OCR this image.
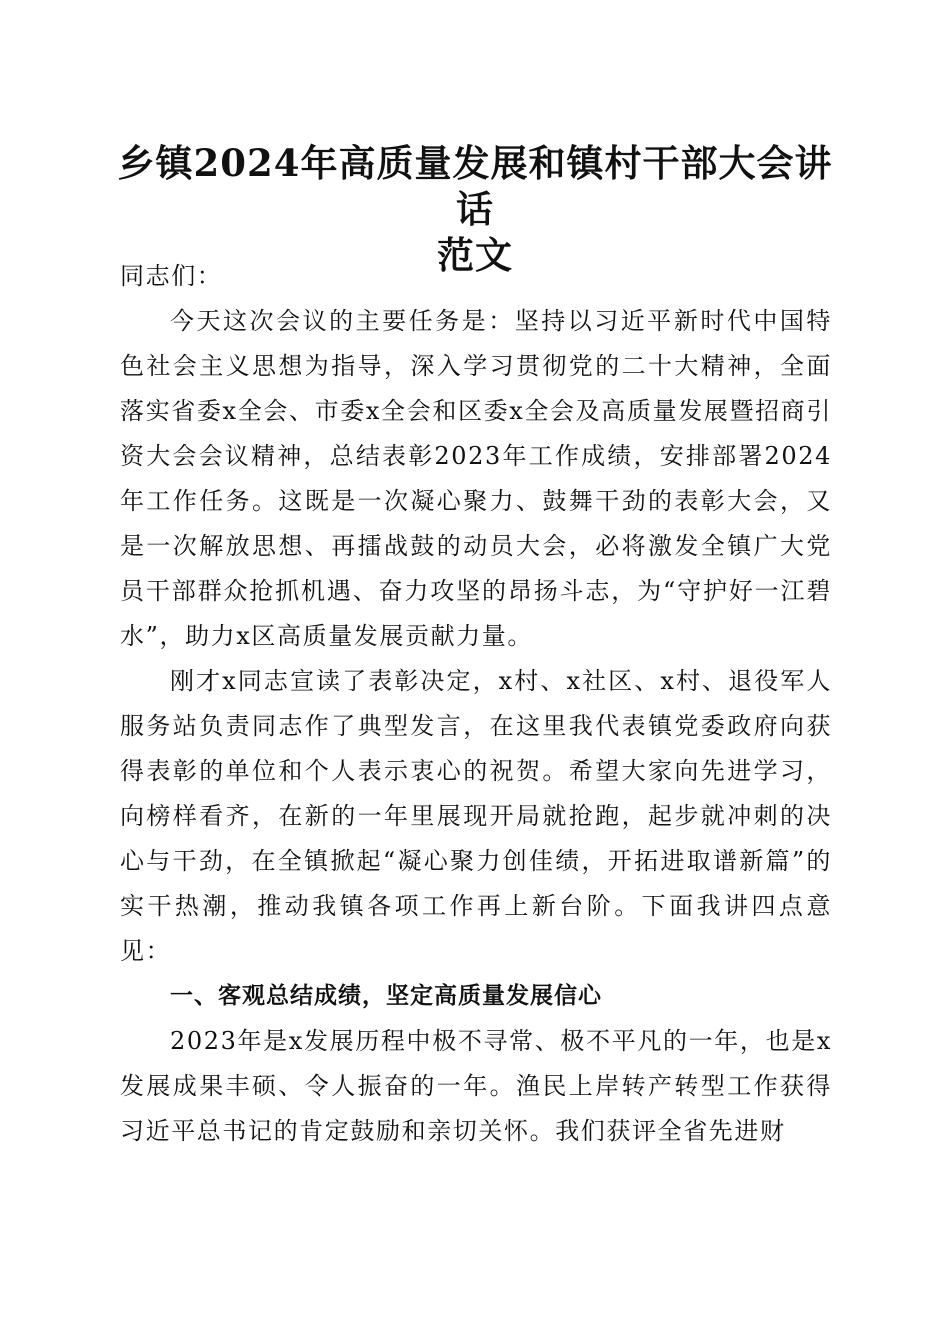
乡镇2024年高质量发展和镇村干部大会讲话
范文

同志们：

今天这次会议的主要任务是：坚持以习近平新时代中国特色社会主义思想为指导，深入学习贯彻党的二十大精神，全面落实省委x全会、市委x全会和区委x全会及高质量发展暨招商引资大会会议精神，总结表彰2023年工作成绩，安排部署2024年工作任务。这既是一次凝心聚力、鼓舞干劲的表彰大会，又是一次解放思想、再擂战鼓的动员大会，必将激发全镇广大党员干部群众抢抓机遇、奋力攻坚的昂扬斗志，为“守护好一江碧水”，助力x区高质量发展贡献力量。

刚才x同志宣读了表彰决定，x村、x社区、x村、退役军人服务站负责同志作了典型发言，在这里我代表镇党委政府向获得表彰的单位和个人表示衷心的祝贺。希望大家向先进学习，向榜样看齐，在新的一年里展现开局就抢跑，起步就冲刺的决心与干劲，在全镇掀起“凝心聚力创佳绩，开拓进取谱新篇”的实干热潮，推动我镇各项工作再上新台阶。下面我讲四点意见：

一、客观总结成绩，坚定高质量发展信心

2023年是x发展历程中极不寻常、极不平凡的一年，也是x发展成果丰硕、令人振奋的一年。渔民上岸转产转型工作获得习近平总书记的肯定鼓励和亲切关怀。我们获评全省先进财
